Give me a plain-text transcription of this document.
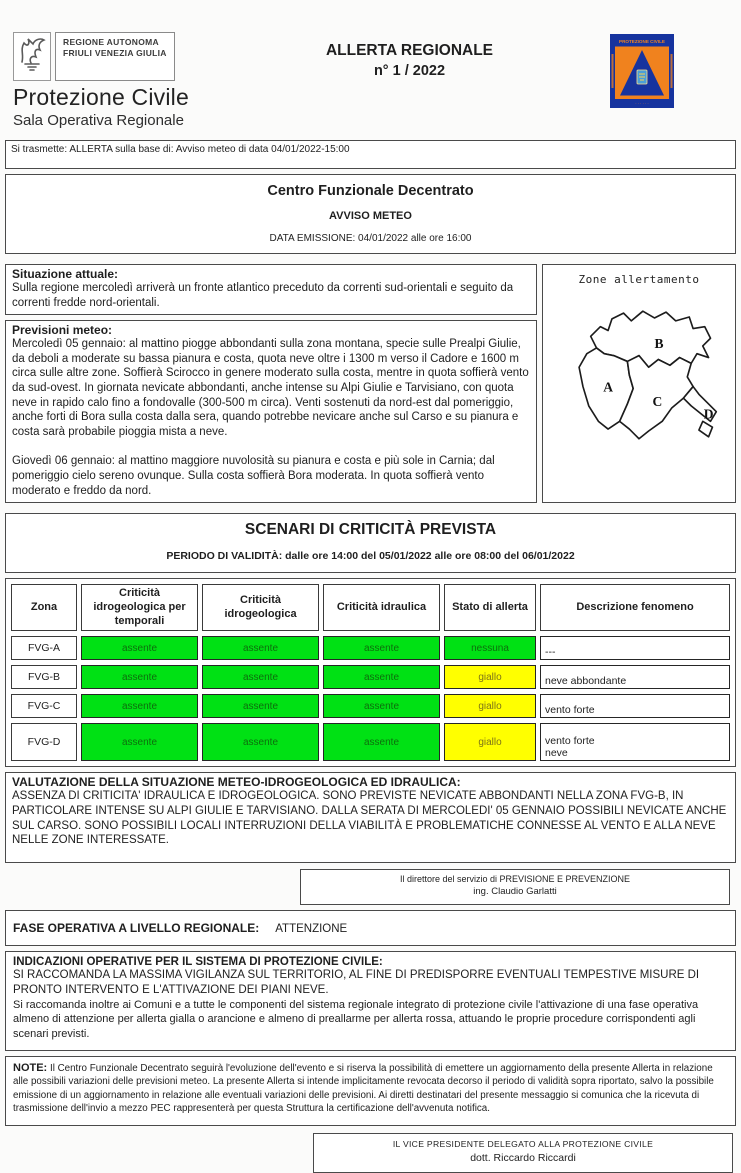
REGIONE AUTONOMA
FRIULI VENEZIA GIULIA
Protezione Civile
Sala Operativa Regionale
ALLERTA REGIONALE
n° 1 / 2022
PROTEZIONE CIVILE
· · · · · ·
Si trasmette: ALLERTA sulla base di: Avviso meteo di data 04/01/2022-15:00
Centro Funzionale Decentrato
AVVISO METEO
DATA EMISSIONE: 04/01/2022 alle ore 16:00
Situazione attuale:
Sulla regione mercoledì arriverà un fronte atlantico preceduto da correnti sud-orientali e seguito da correnti fredde nord-orientali.
Previsioni meteo:
Mercoledì 05 gennaio: al mattino piogge abbondanti sulla zona montana, specie sulle Prealpi Giulie, da deboli a moderate su bassa pianura e costa, quota neve oltre i 1300 m verso il Cadore e 1600 m circa sulle altre zone. Soffierà Scirocco in genere moderato sulla costa, mentre in quota soffierà vento da sud-ovest. In giornata nevicate abbondanti, anche intense su Alpi Giulie e Tarvisiano, con quota neve in rapido calo fino a fondovalle (300-500 m circa). Venti sostenuti da nord-est dal pomeriggio, anche forti di Bora sulla costa dalla sera, quando potrebbe nevicare anche sul Carso e su pianura e costa sarà probabile pioggia mista a neve.
Giovedì 06 gennaio: al mattino maggiore nuvolosità su pianura e costa e più sole in Carnia; dal pomeriggio cielo sereno ovunque. Sulla costa soffierà Bora moderata. In quota soffierà vento moderato e freddo da nord.
Zone allertamento
A
B
C
D
SCENARI DI CRITICITÀ PREVISTA
PERIODO DI VALIDITÀ: dalle ore 14:00 del 05/01/2022 alle ore 08:00 del 06/01/2022
Zona	Criticità idrogeologica per temporali	Criticità idrogeologica	Criticità idraulica	Stato di allerta	Descrizione fenomeno
FVG-A	assente	assente	assente	nessuna	---

FVG-B	assente	assente	assente	giallo	neve abbondante

FVG-C	assente	assente	assente	giallo	vento forte

FVG-D	assente	assente	assente	giallo	vento forte
neve
VALUTAZIONE DELLA SITUAZIONE METEO-IDROGEOLOGICA ED IDRAULICA:
ASSENZA DI CRITICITA' IDRAULICA E IDROGEOLOGICA. SONO PREVISTE NEVICATE ABBONDANTI NELLA ZONA FVG-B, IN PARTICOLARE INTENSE SU ALPI GIULIE E TARVISIANO. DALLA SERATA DI MERCOLEDI' 05 GENNAIO POSSIBILI NEVICATE ANCHE SUL CARSO. SONO POSSIBILI LOCALI INTERRUZIONI DELLA VIABILITÀ E PROBLEMATICHE CONNESSE AL VENTO E ALLA NEVE NELLE ZONE INTERESSATE.
Il direttore del servizio di PREVISIONE E PREVENZIONE
ing. Claudio Garlatti
FASE OPERATIVA A LIVELLO REGIONALE: ATTENZIONE
INDICAZIONI OPERATIVE PER IL SISTEMA DI PROTEZIONE CIVILE:
SI RACCOMANDA LA MASSIMA VIGILANZA SUL TERRITORIO, AL FINE DI PREDISPORRE EVENTUALI TEMPESTIVE MISURE DI PRONTO INTERVENTO E L'ATTIVAZIONE DEI PIANI NEVE.
Si raccomanda inoltre ai Comuni e a tutte le componenti del sistema regionale integrato di protezione civile l'attivazione di una fase operativa almeno di attenzione per allerta gialla o arancione e almeno di preallarme per allerta rossa, attuando le proprie procedure corrispondenti agli scenari previsti.
NOTE: Il Centro Funzionale Decentrato seguirà l'evoluzione dell'evento e si riserva la possibilità di emettere un aggiornamento della presente Allerta in relazione alle possibili variazioni delle previsioni meteo. La presente Allerta si intende implicitamente revocata decorso il periodo di validità sopra riportato, salvo la possibile emissione di un aggiornamento in relazione alle eventuali variazioni delle previsioni. Ai diretti destinatari del presente messaggio si comunica che la ricevuta di trasmissione dell'invio a mezzo PEC rappresenterà per questa Struttura la certificazione dell'avvenuta notifica.
IL VICE PRESIDENTE DELEGATO ALLA PROTEZIONE CIVILE
dott. Riccardo Riccardi
